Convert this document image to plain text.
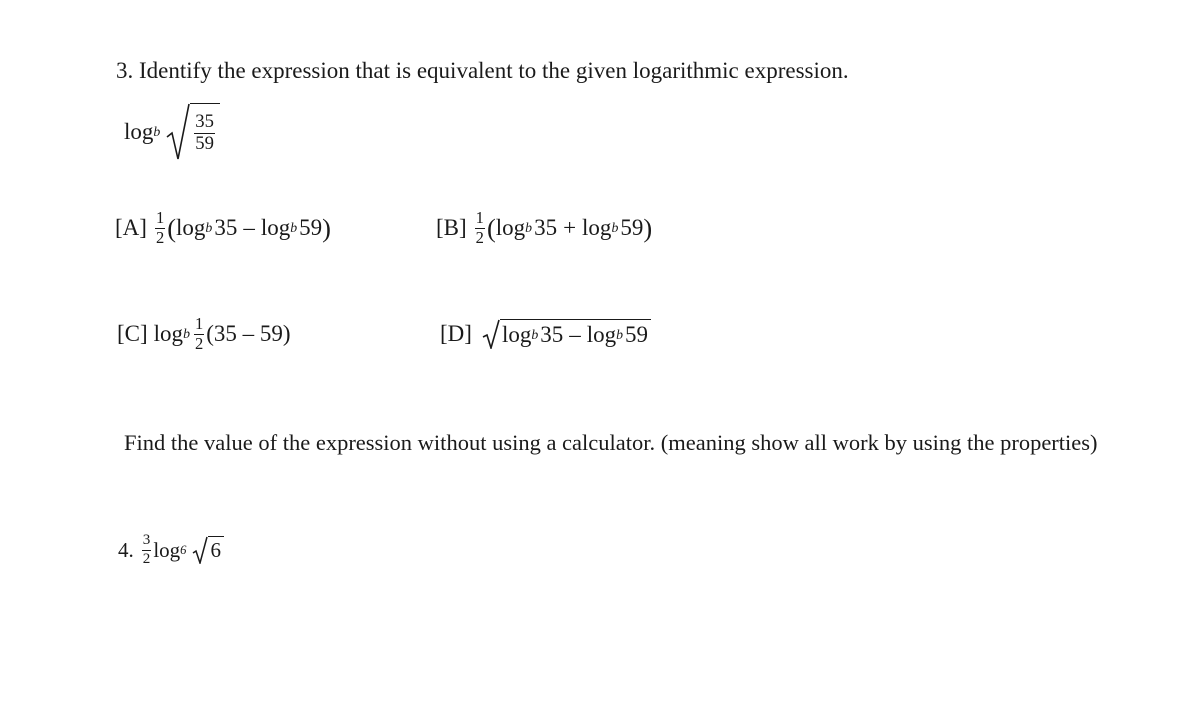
3. Identify the expression that is equivalent to the given logarithmic expression.
log b $\frac{35}{59}$
$[A] \frac{1}{2}$ ( log b 35 – log b 59 )	$[B] \frac{1}{2}$ ( log b 35 + log b 59 )
[C] log b $\frac{1}{2} (35 - 59)$	[D] log b 35 – log b 59
Find the value of the expression without using a calculator. (meaning show all work by using the properties)
4. $\frac{3}{2}$ log 6 6
